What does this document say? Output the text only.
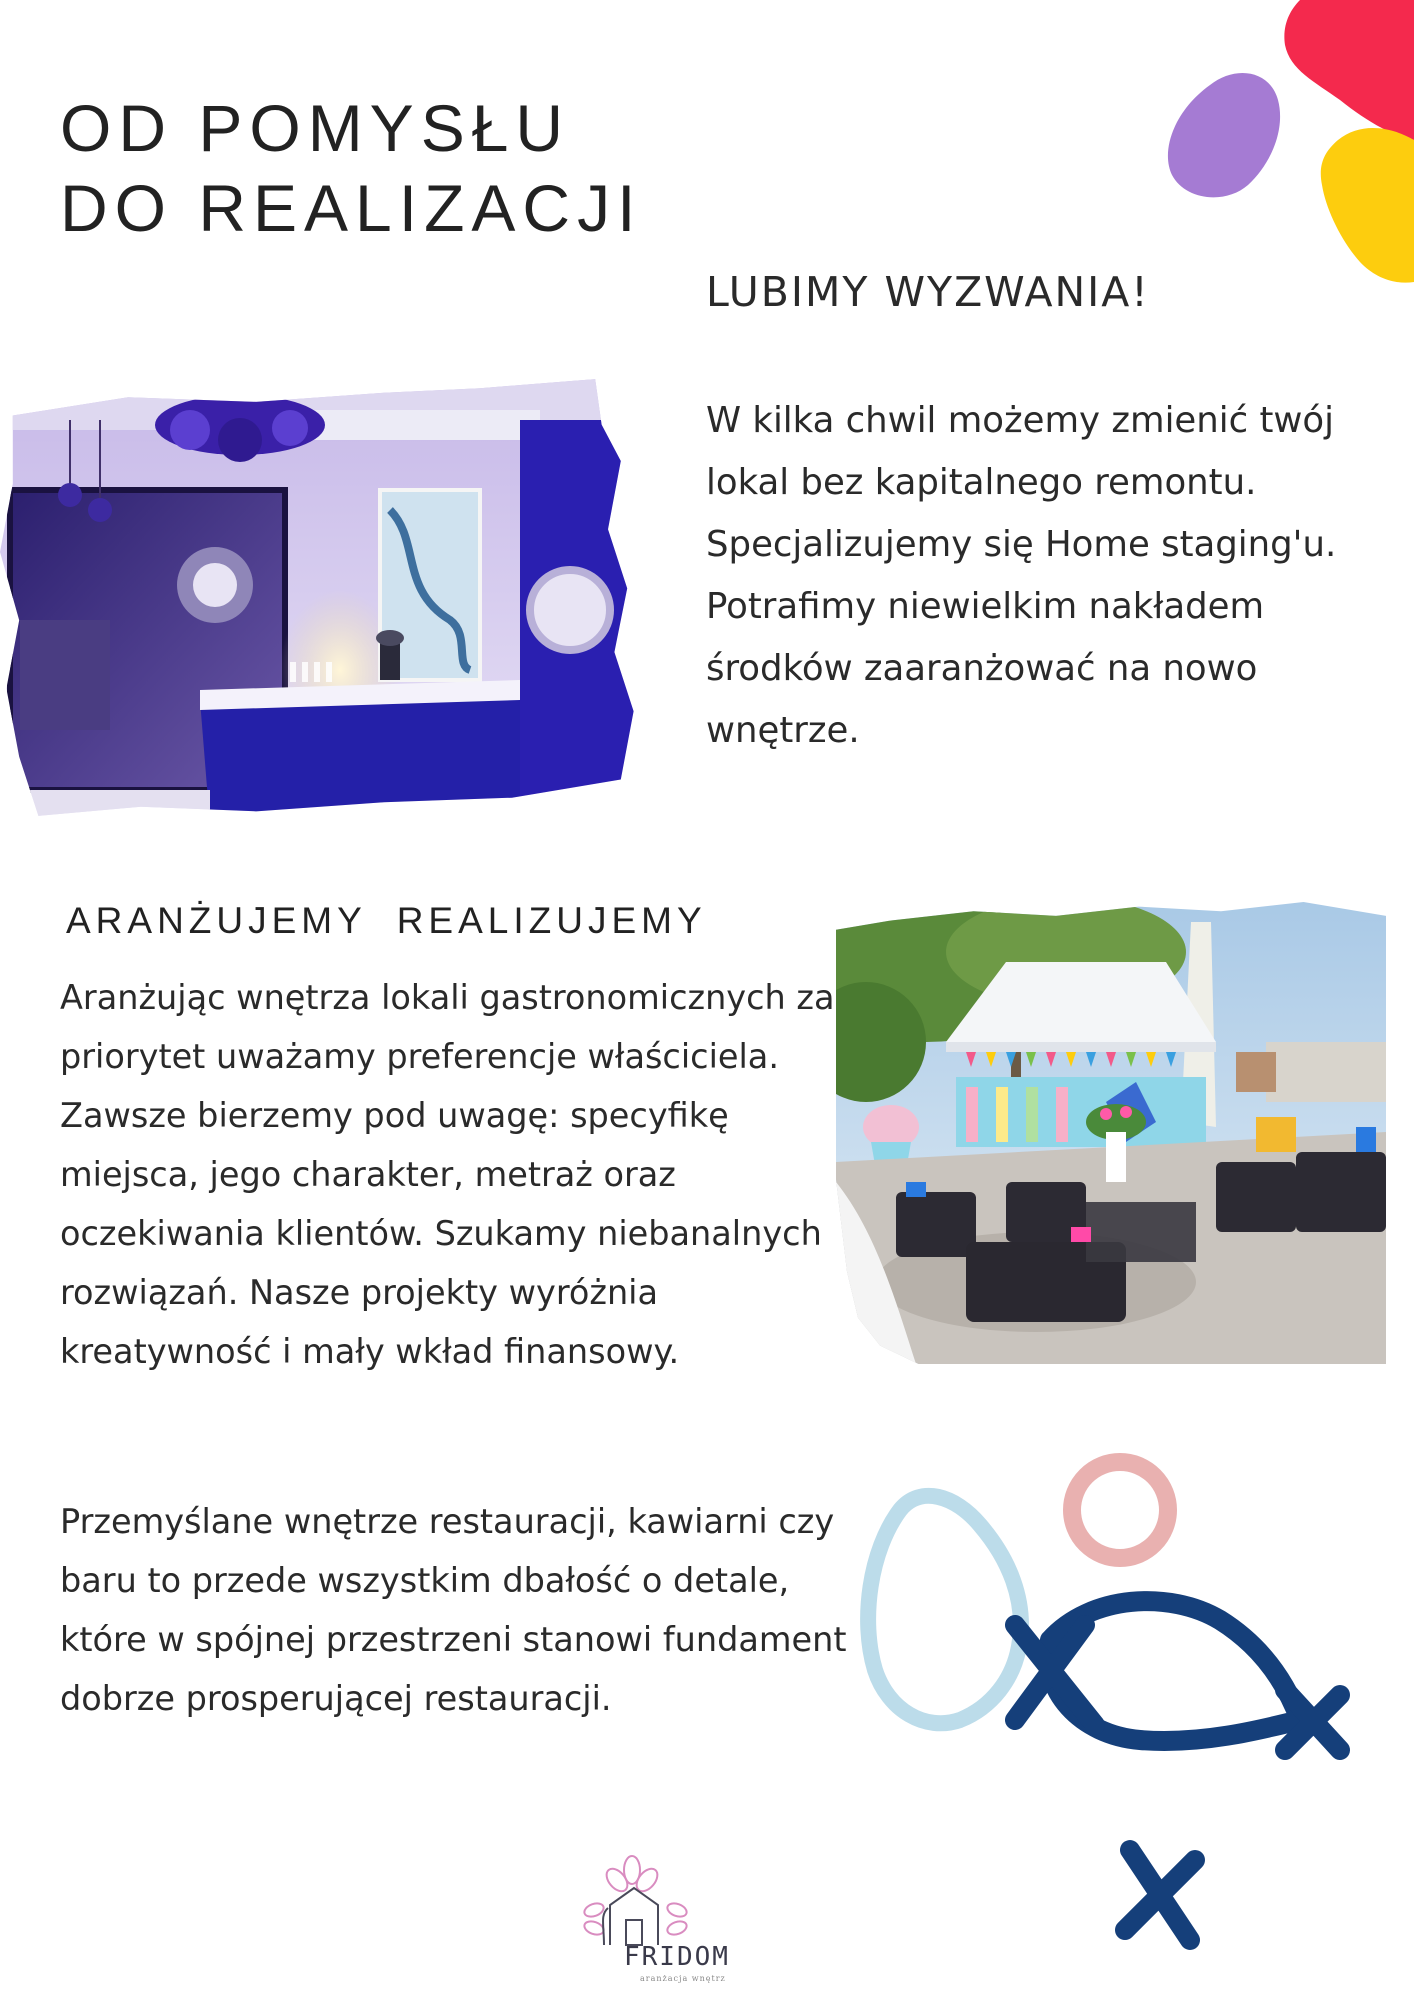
OD POMYSŁU
DO REALIZACJI
LUBIMY WYZWANIA!

W kilka chwil możemy zmienić twój lokal bez kapitalnego remontu. Specjalizujemy się Home staging'u. Potrafimy niewielkim nakładem środków zaaranżować na nowo wnętrze.

ARANŻUJEMY  REALIZUJEMY

Aranżując wnętrza lokali gastronomicznych za priorytet uważamy preferencje właściciela. Zawsze bierzemy pod uwagę: specyfikę miejsca, jego charakter, metraż oraz oczekiwania klientów. Szukamy niebanalnych rozwiązań. Nasze projekty wyróżnia kreatywność i mały wkład finansowy.

Przemyślane wnętrze restauracji, kawiarni czy baru to przede wszystkim dbałość o detale, które w spójnej przestrzeni stanowi fundament dobrze prosperującej restauracji.

FRIDOM

aranżacja wnętrz
